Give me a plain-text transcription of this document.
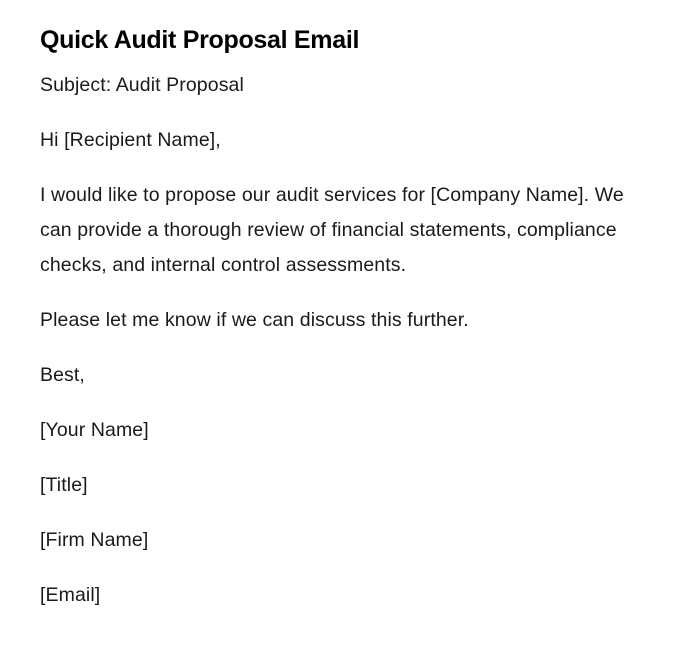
Quick Audit Proposal Email

Subject: Audit Proposal

Hi [Recipient Name],

I would like to propose our audit services for [Company Name]. We can provide a thorough review of financial statements, compliance checks, and internal control assessments.

Please let me know if we can discuss this further.

Best,

[Your Name]

[Title]

[Firm Name]

[Email]
